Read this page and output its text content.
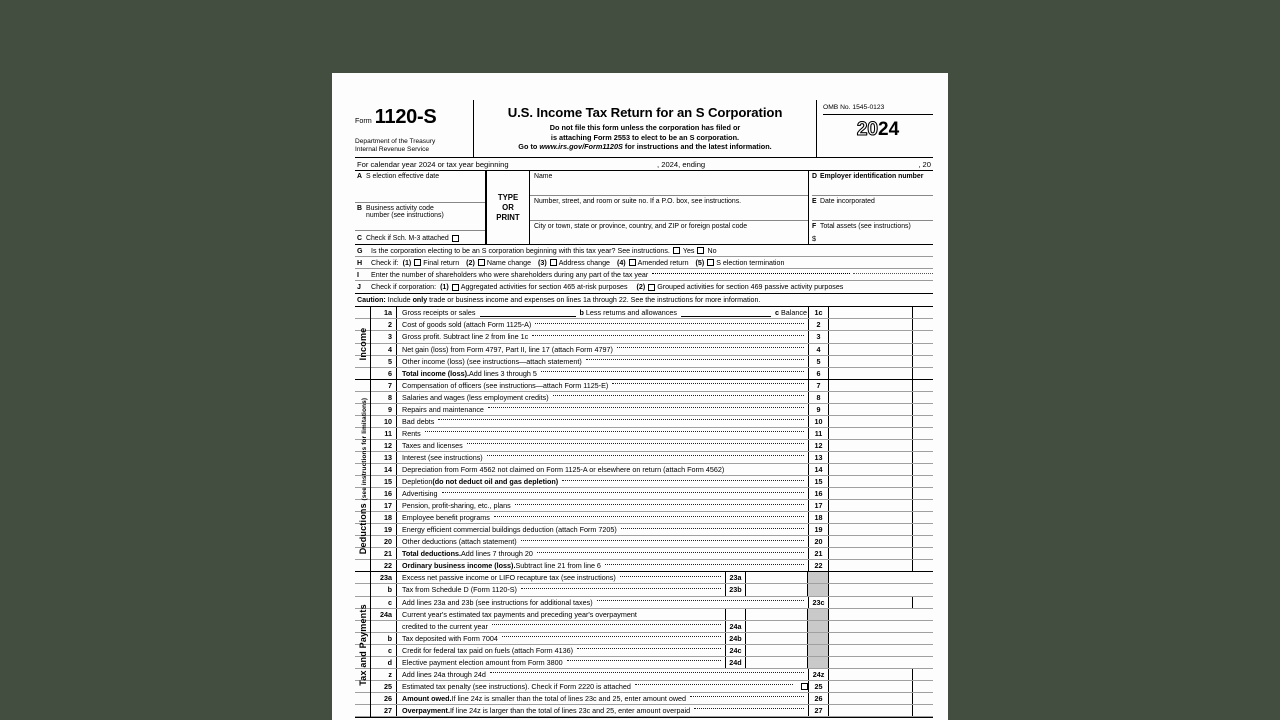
Form 1120-S
Department of the Treasury
Internal Revenue Service
U.S. Income Tax Return for an S Corporation
Do not file this form unless the corporation has filed or
is attaching Form 2553 to elect to be an S corporation.
Go to www.irs.gov/Form1120S for instructions and the latest information.
OMB No. 1545-0123
2024
For calendar year 2024 or tax year beginning	, 2024, ending	, 20
A S election effective date
B Business activity code
number (see instructions)
C Check if Sch. M-3 attached
TYPE
OR
PRINT
Name
Number, street, and room or suite no. If a P.O. box, see instructions.
City or town, state or province, country, and ZIP or foreign postal code
D Employer identification number
E Date incorporated
F Total assets (see instructions)
$
G	Is the corporation electing to be an S corporation beginning with this tax year? See instructions. Yes No
H	Check if: (1) Final return (2) Name change (3) Address change (4) Amended return (5) S election termination
I	Enter the number of shareholders who were shareholders during any part of the tax year
J	Check if corporation: (1) Aggregated activities for section 465 at-risk purposes (2) Grouped activities for section 469 passive activity purposes
Caution: Include only trade or business income and expenses on lines 1a through 22. See the instructions for more information.
Income
1a	Gross receipts or sales	b Less returns and allowances	c Balance	1c
2	Cost of goods sold (attach Form 1125-A)	2
3	Gross profit. Subtract line 2 from line 1c	3
4	Net gain (loss) from Form 4797, Part II, line 17 (attach Form 4797)	4
5	Other income (loss) (see instructions—attach statement)	5
6	Total income (loss). Add lines 3 through 5	6
Deductions (see instructions for limitations)
7	Compensation of officers (see instructions—attach Form 1125-E)	7
8	Salaries and wages (less employment credits)	8
9	Repairs and maintenance	9
10	Bad debts	10
11	Rents	11
12	Taxes and licenses	12
13	Interest (see instructions)	13
14	Depreciation from Form 4562 not claimed on Form 1125-A or elsewhere on return (attach Form 4562)	14
15	Depletion (do not deduct oil and gas depletion)	15
16	Advertising	16
17	Pension, profit-sharing, etc., plans	17
18	Employee benefit programs	18
19	Energy efficient commercial buildings deduction (attach Form 7205)	19
20	Other deductions (attach statement)	20
21	Total deductions. Add lines 7 through 20	21
22	Ordinary business income (loss). Subtract line 21 from line 6	22
Tax and Payments
23a	Excess net passive income or LIFO recapture tax (see instructions)	23a
b	Tax from Schedule D (Form 1120-S)	23b
c	Add lines 23a and 23b (see instructions for additional taxes)	23c
24a	Current year's estimated tax payments and preceding year's overpayment
credited to the current year	24a
b	Tax deposited with Form 7004	24b
c	Credit for federal tax paid on fuels (attach Form 4136)	24c
d	Elective payment election amount from Form 3800	24d
z	Add lines 24a through 24d	24z
25	Estimated tax penalty (see instructions). Check if Form 2220 is attached	25
26	Amount owed. If line 24z is smaller than the total of lines 23c and 25, enter amount owed	26
27	Overpayment. If line 24z is larger than the total of lines 23c and 25, enter amount overpaid	27
